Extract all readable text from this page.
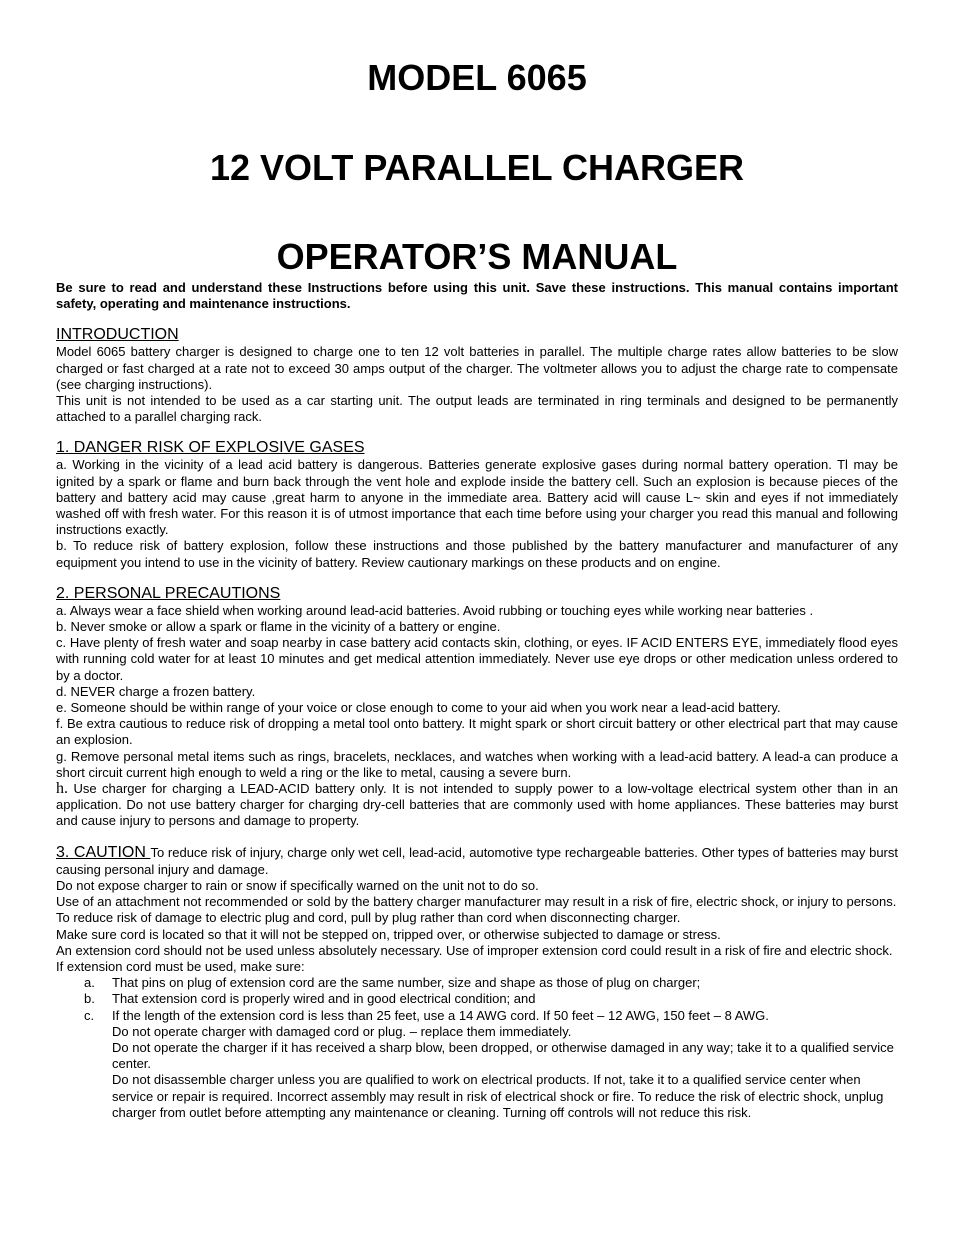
MODEL 6065
12 VOLT PARALLEL CHARGER
OPERATOR’S MANUAL

Be sure to read and understand these Instructions before using this unit. Save these instructions. This manual contains important safety, operating and maintenance instructions.

INTRODUCTION

Model 6065 battery charger is designed to charge one to ten 12 volt batteries in parallel. The multiple charge rates allow batteries to be slow charged or fast charged at a rate not to exceed 30 amps output of the charger. The voltmeter allows you to adjust the charge rate to compensate (see charging instructions).

This unit is not intended to be used as a car starting unit. The output leads are terminated in ring terminals and designed to be permanently attached to a parallel charging rack.

1. DANGER RISK OF EXPLOSIVE GASES

a. Working in the vicinity of a lead acid battery is dangerous. Batteries generate explosive gases during normal battery operation. Tl may be ignited by a spark or flame and burn back through the vent hole and explode inside the battery cell. Such an explosion is because pieces of the battery and battery acid may cause ,great harm to anyone in the immediate area. Battery acid will cause L~ skin and eyes if not immediately washed off with fresh water. For this reason it is of utmost importance that each time before using your charger you read this manual and following instructions exactly.

b. To reduce risk of battery explosion, follow these instructions and those published by the battery manufacturer and manufacturer of any equipment you intend to use in the vicinity of battery. Review cautionary markings on these products and on engine.

2. PERSONAL PRECAUTIONS

a. Always wear a face shield when working around lead-acid batteries. Avoid rubbing or touching eyes while working near batteries .

b. Never smoke or allow a spark or flame in the vicinity of a battery or engine.

c. Have plenty of fresh water and soap nearby in case battery acid contacts skin, clothing, or eyes. IF ACID ENTERS EYE, immediately flood eyes with running cold water for at least 10 minutes and get medical attention immediately. Never use eye drops or other medication unless ordered to by a doctor.

d. NEVER charge a frozen battery.

e. Someone should be within range of your voice or close enough to come to your aid when you work near a lead-acid battery.

f. Be extra cautious to reduce risk of dropping a metal tool onto battery. It might spark or short circuit battery or other electrical part that may cause an explosion.

g. Remove personal metal items such as rings, bracelets, necklaces, and watches when working with a lead-acid battery. A lead-a can produce a short circuit current high enough to weld a ring or the like to metal, causing a severe burn.

h. Use charger for charging a LEAD-ACID battery only. It is not intended to supply power to a low-voltage electrical system other than in an application. Do not use battery charger for charging dry-cell batteries that are commonly used with home appliances. These batteries may burst and cause injury to persons and damage to property.

3. CAUTION To reduce risk of injury, charge only wet cell, lead-acid, automotive type rechargeable batteries. Other types of batteries may burst causing personal injury and damage.

Do not expose charger to rain or snow if specifically warned on the unit not to do so.

Use of an attachment not recommended or sold by the battery charger manufacturer may result in a risk of fire, electric shock, or injury to persons.

To reduce risk of damage to electric plug and cord, pull by plug rather than cord when disconnecting charger.

Make sure cord is located so that it will not be stepped on, tripped over, or otherwise subjected to damage or stress.

An extension cord should not be used unless absolutely necessary. Use of improper extension cord could result in a risk of fire and electric shock.

If extension cord must be used, make sure:

a.	That pins on plug of extension cord are the same number, size and shape as those of plug on charger;
b.	That extension cord is properly wired and in good electrical condition; and
c.	If the length of the extension cord is less than 25 feet, use a 14 AWG cord. If 50 feet – 12 AWG, 150 feet – 8 AWG.

Do not operate charger with damaged cord or plug. – replace them immediately.

Do not operate the charger if it has received a sharp blow, been dropped, or otherwise damaged in any way; take it to a qualified service center.

Do not disassemble charger unless you are qualified to work on electrical products. If not, take it to a qualified service center when service or repair is required. Incorrect assembly may result in risk of electrical shock or fire. To reduce the risk of electric shock, unplug charger from outlet before attempting any maintenance or cleaning. Turning off controls will not reduce this risk.
